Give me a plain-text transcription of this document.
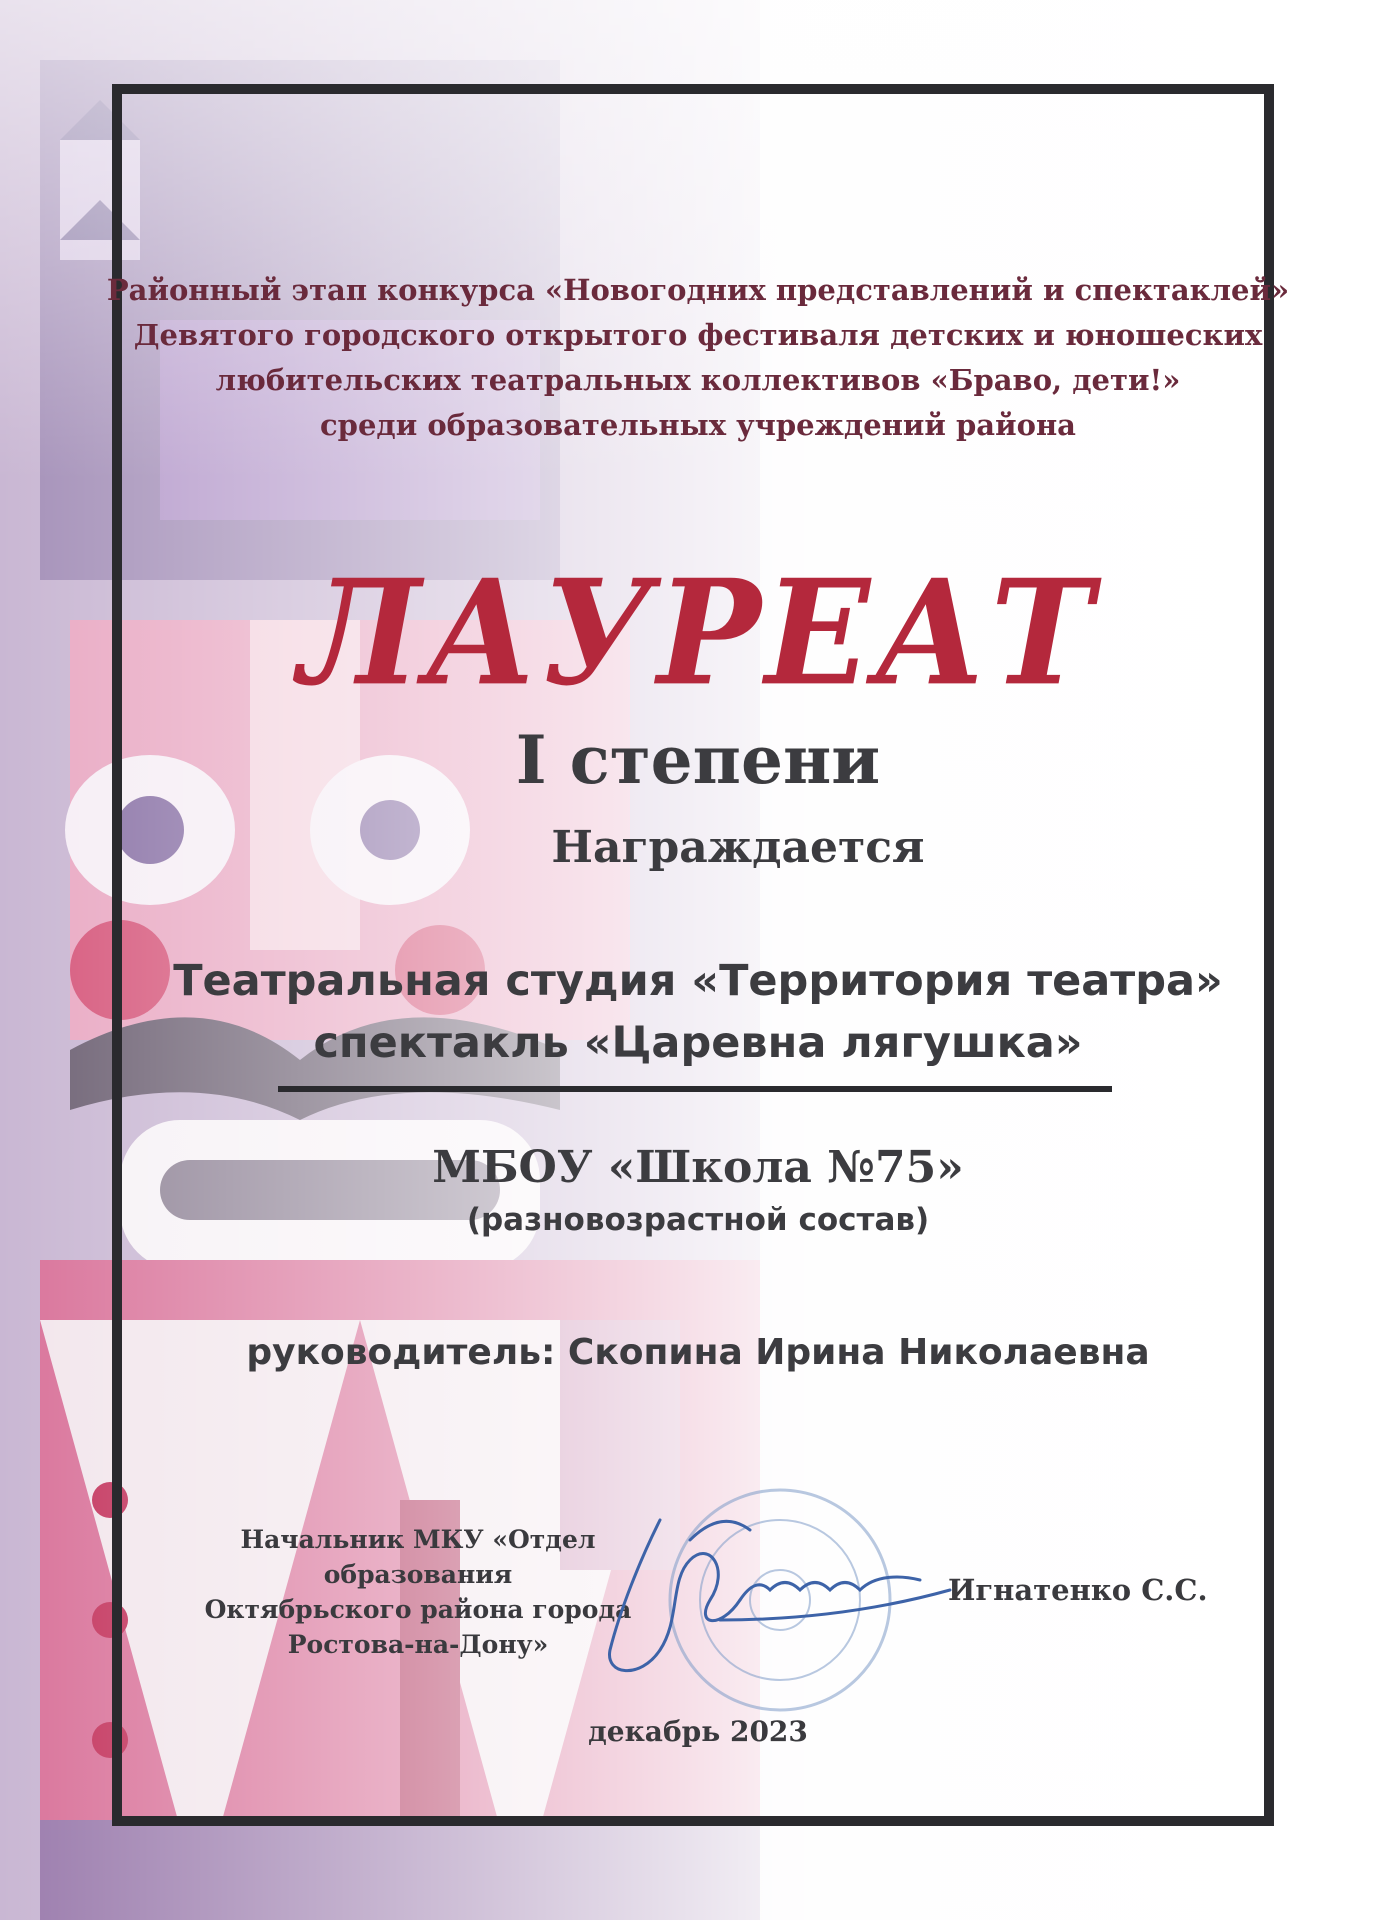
Районный этап конкурса «Новогодних представлений и спектаклей»
Девятого городского открытого фестиваля детских и юношеских
любительских театральных коллективов «Браво, дети!»
среди образовательных учреждений района
ЛАУРЕАТ
I степени
Награждается
Театральная студия «Территория театра»
спектакль «Царевна лягушка»
МБОУ «Школа №75»
(разновозрастной состав)
руководитель: Скопина Ирина Николаевна
Начальник МКУ «Отдел образования
Октябрьского района города
Ростова-на-Дону»
Игнатенко С.С.
декабрь 2023
